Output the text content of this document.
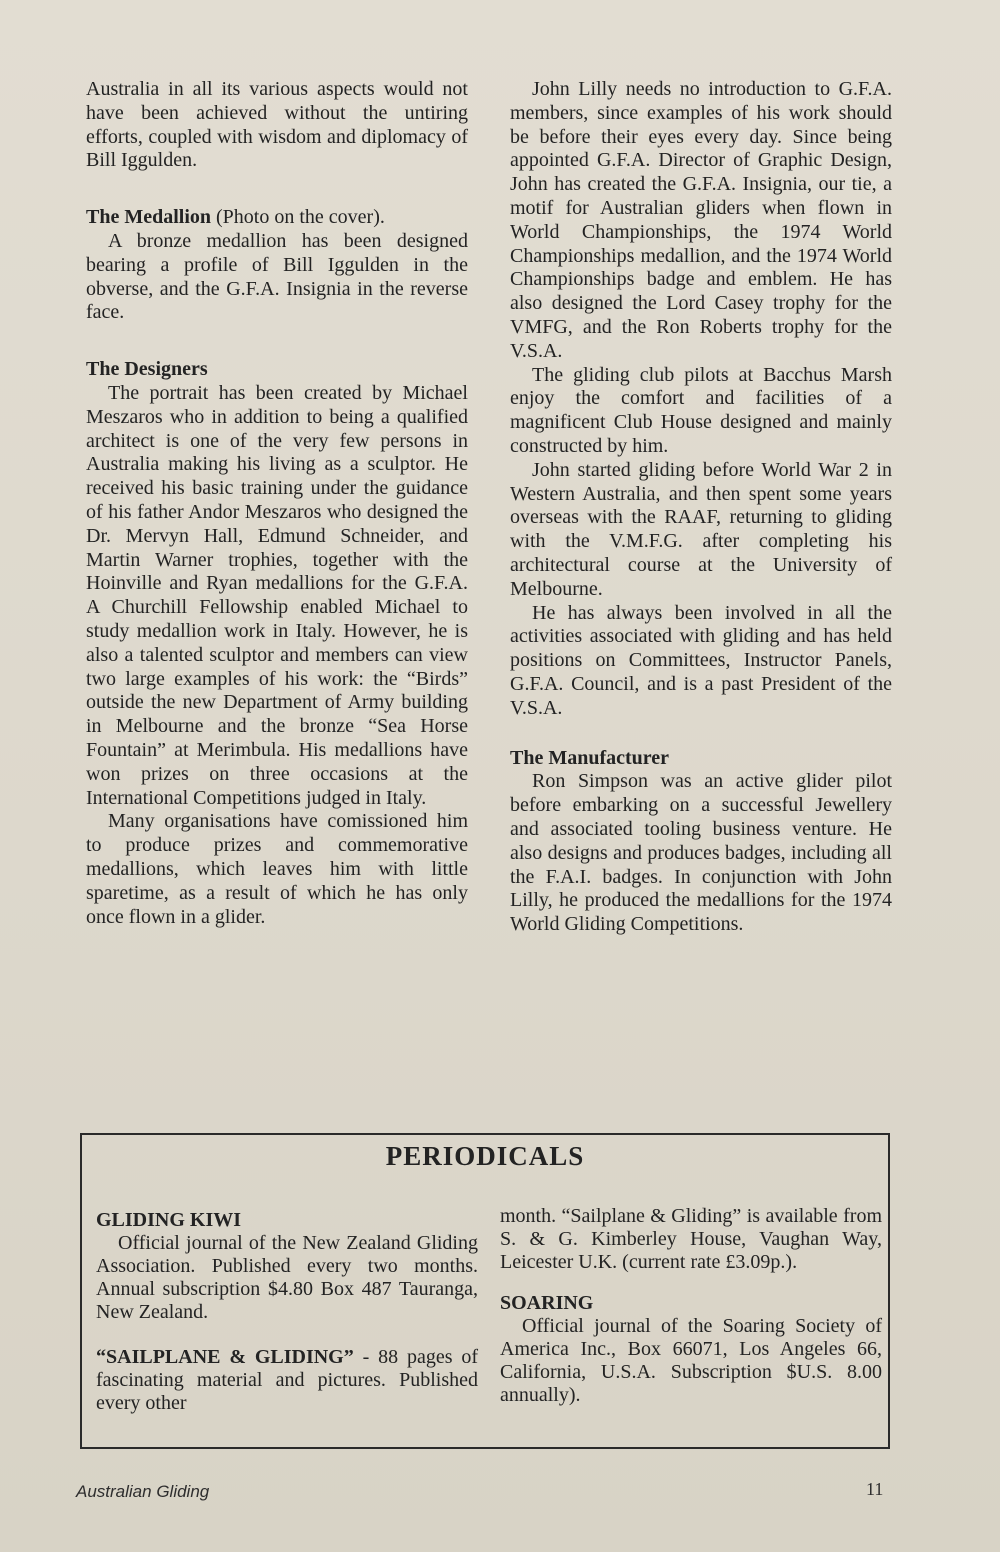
Australia in all its various aspects would not have been achieved without the untiring efforts, coupled with wisdom and diplomacy of Bill Iggulden.

The Medallion (Photo on the cover).

A bronze medallion has been designed bearing a profile of Bill Iggulden in the obverse, and the G.F.A. Insignia in the reverse face.

The Designers

The portrait has been created by Michael Meszaros who in addition to being a qualified architect is one of the very few persons in Australia making his living as a sculptor. He received his basic training under the guidance of his father Andor Meszaros who designed the Dr. Mervyn Hall, Edmund Schneider, and Martin Warner trophies, together with the Hoinville and Ryan medallions for the G.F.A. A Churchill Fellowship enabled Michael to study medallion work in Italy. However, he is also a talented sculptor and members can view two large examples of his work: the “Birds” outside the new Department of Army building in Melbourne and the bronze “Sea Horse Fountain” at Merimbula. His medallions have won prizes on three occasions at the International Competitions judged in Italy.

Many organisations have comissioned him to produce prizes and commemorative medallions, which leaves him with little sparetime, as a result of which he has only once flown in a glider.

John Lilly needs no introduction to G.F.A. members, since examples of his work should be before their eyes every day. Since being appointed G.F.A. Director of Graphic Design, John has created the G.F.A. Insignia, our tie, a motif for Australian gliders when flown in World Championships, the 1974 World Championships medallion, and the 1974 World Championships badge and emblem. He has also designed the Lord Casey trophy for the VMFG, and the Ron Roberts trophy for the V.S.A.

The gliding club pilots at Bacchus Marsh enjoy the comfort and facilities of a magnificent Club House designed and mainly constructed by him.

John started gliding before World War 2 in Western Australia, and then spent some years overseas with the RAAF, returning to gliding with the V.M.F.G. after completing his architectural course at the University of Melbourne.

He has always been involved in all the activities associated with gliding and has held positions on Committees, Instructor Panels, G.F.A. Council, and is a past President of the V.S.A.

The Manufacturer

Ron Simpson was an active glider pilot before embarking on a successful Jewellery and associated tooling business venture. He also designs and produces badges, including all the F.A.I. badges. In conjunction with John Lilly, he produced the medallions for the 1974 World Gliding Competitions.

PERIODICALS

GLIDING KIWI

Official journal of the New Zealand Gliding Association. Published every two months. Annual subscription $4.80 Box 487 Tauranga, New Zealand.

“SAILPLANE & GLIDING” - 88 pages of fascinating material and pictures. Published every other

month. “Sailplane & Gliding” is available from S. & G. Kimberley House, Vaughan Way, Leicester U.K. (current rate £3.09p.).

SOARING

Official journal of the Soaring Society of America Inc., Box 66071, Los Angeles 66, California, U.S.A. Subscription $U.S. 8.00 annually).

Australian Gliding	11
